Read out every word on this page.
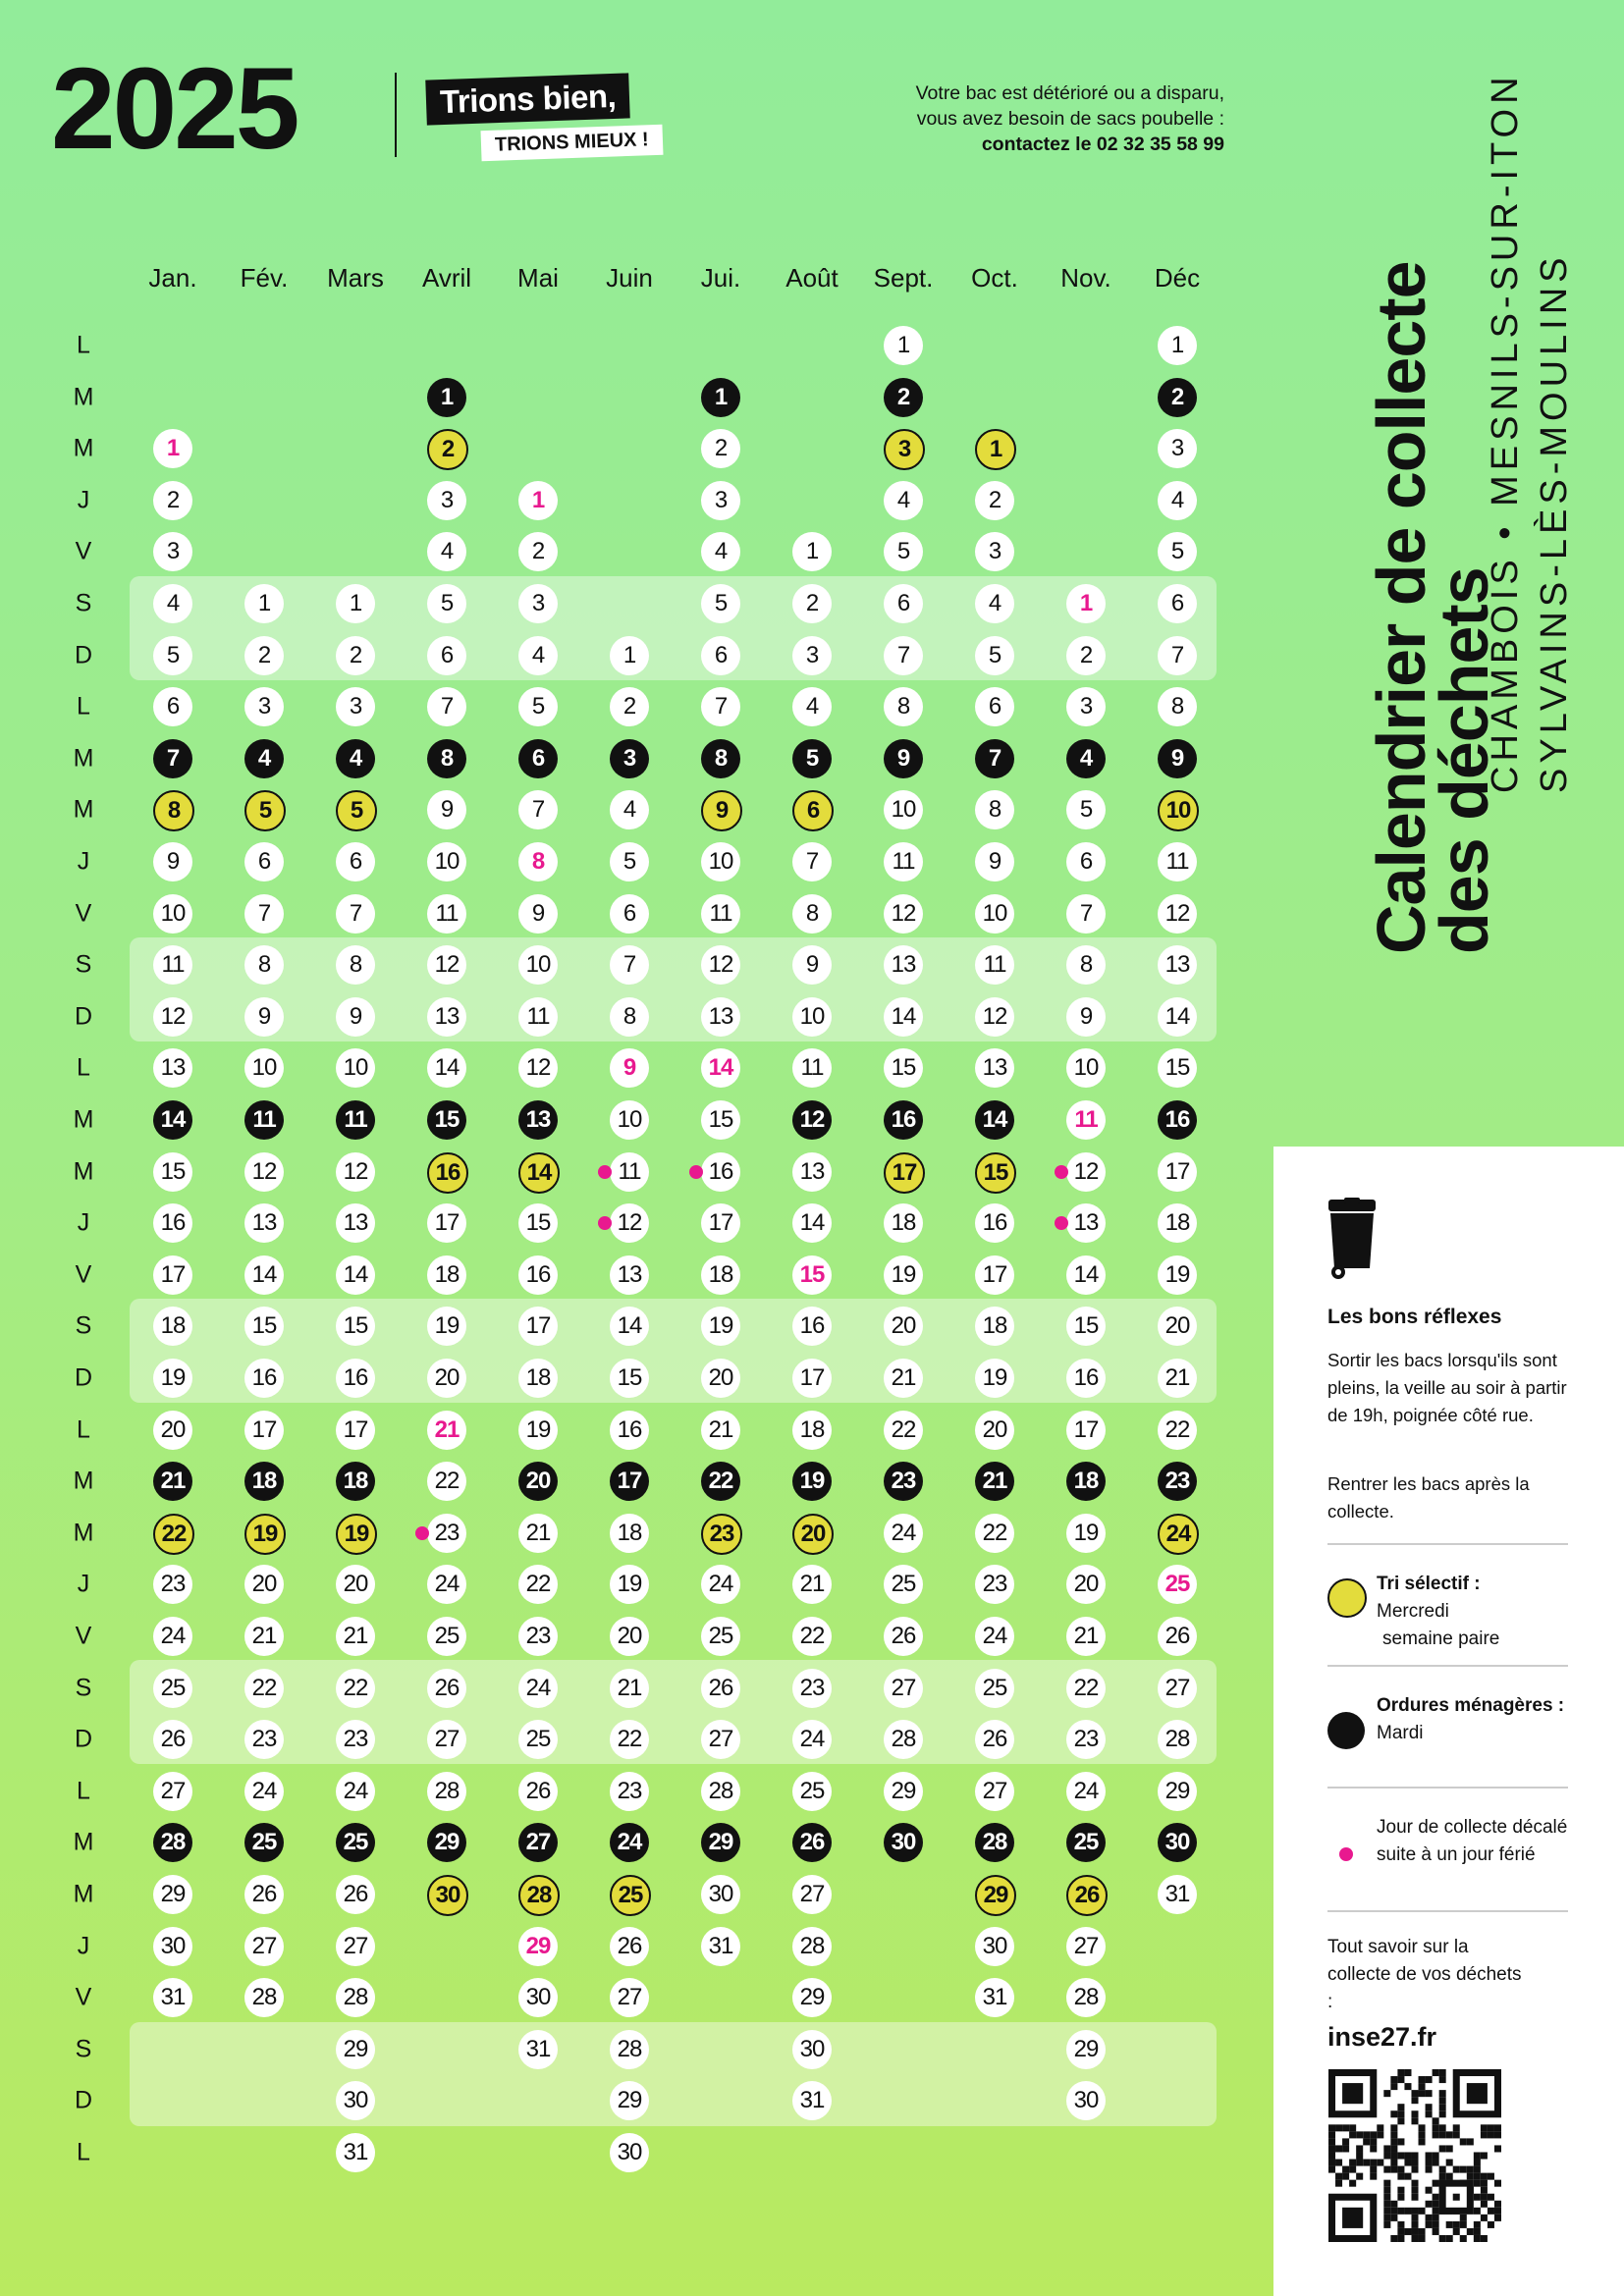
2025	Trions bien,
TRIONS MIEUX !
Votre bac est détérioré ou a disparu,
vous avez besoin de sacs poubelle :
contactez le 02 32 35 58 99
Calendrier de collecte
des déchets
CHAMBOIS • MESNILS-SUR-ITON SYLVAINS-LÈS-MOULINS
L
M
M
J
V
S
D
L
M
M
J
V
S
D
L
M
M
J
V
S
D
L
M
M
J
V
S
D
L
M
M
J
V
S
D
L
Jan.
1
2
3
4
5
6
7
8
9
10
11
12
13
14
15
16
17
18
19
20
21
22
23
24
25
26
27
28
29
30
31
Fév.
1
2
3
4
5
6
7
8
9
10
11
12
13
14
15
16
17
18
19
20
21
22
23
24
25
26
27
28
Mars
1
2
3
4
5
6
7
8
9
10
11
12
13
14
15
16
17
18
19
20
21
22
23
24
25
26
27
28
29
30
31
Avril
1
2
3
4
5
6
7
8
9
10
11
12
13
14
15
16
17
18
19
20
21
22
23
24
25
26
27
28
29
30
Mai
1
2
3
4
5
6
7
8
9
10
11
12
13
14
15
16
17
18
19
20
21
22
23
24
25
26
27
28
29
30
31
Juin
1
2
3
4
5
6
7
8
9
10
11
12
13
14
15
16
17
18
19
20
21
22
23
24
25
26
27
28
29
30
Jui.
1
2
3
4
5
6
7
8
9
10
11
12
13
14
15
16
17
18
19
20
21
22
23
24
25
26
27
28
29
30
31
Août
1
2
3
4
5
6
7
8
9
10
11
12
13
14
15
16
17
18
19
20
21
22
23
24
25
26
27
28
29
30
31
Sept.
1
2
3
4
5
6
7
8
9
10
11
12
13
14
15
16
17
18
19
20
21
22
23
24
25
26
27
28
29
30
Oct.
1
2
3
4
5
6
7
8
9
10
11
12
13
14
15
16
17
18
19
20
21
22
23
24
25
26
27
28
29
30
31
Nov.
1
2
3
4
5
6
7
8
9
10
11
12
13
14
15
16
17
18
19
20
21
22
23
24
25
26
27
28
29
30
Déc
1
2
3
4
5
6
7
8
9
10
11
12
13
14
15
16
17
18
19
20
21
22
23
24
25
26
27
28
29
30
31
Les bons réflexes
Sortir les bacs lorsqu'ils sont pleins, la veille au soir à partir de 19h, poignée côté rue.
Rentrer les bacs après la collecte.
Tri sélectif :
Mercredi
semaine paire
Ordures ménagères :
Mardi
Jour de collecte décalé suite à un jour férié
Tout savoir sur la collecte de vos déchets :
inse27.fr
